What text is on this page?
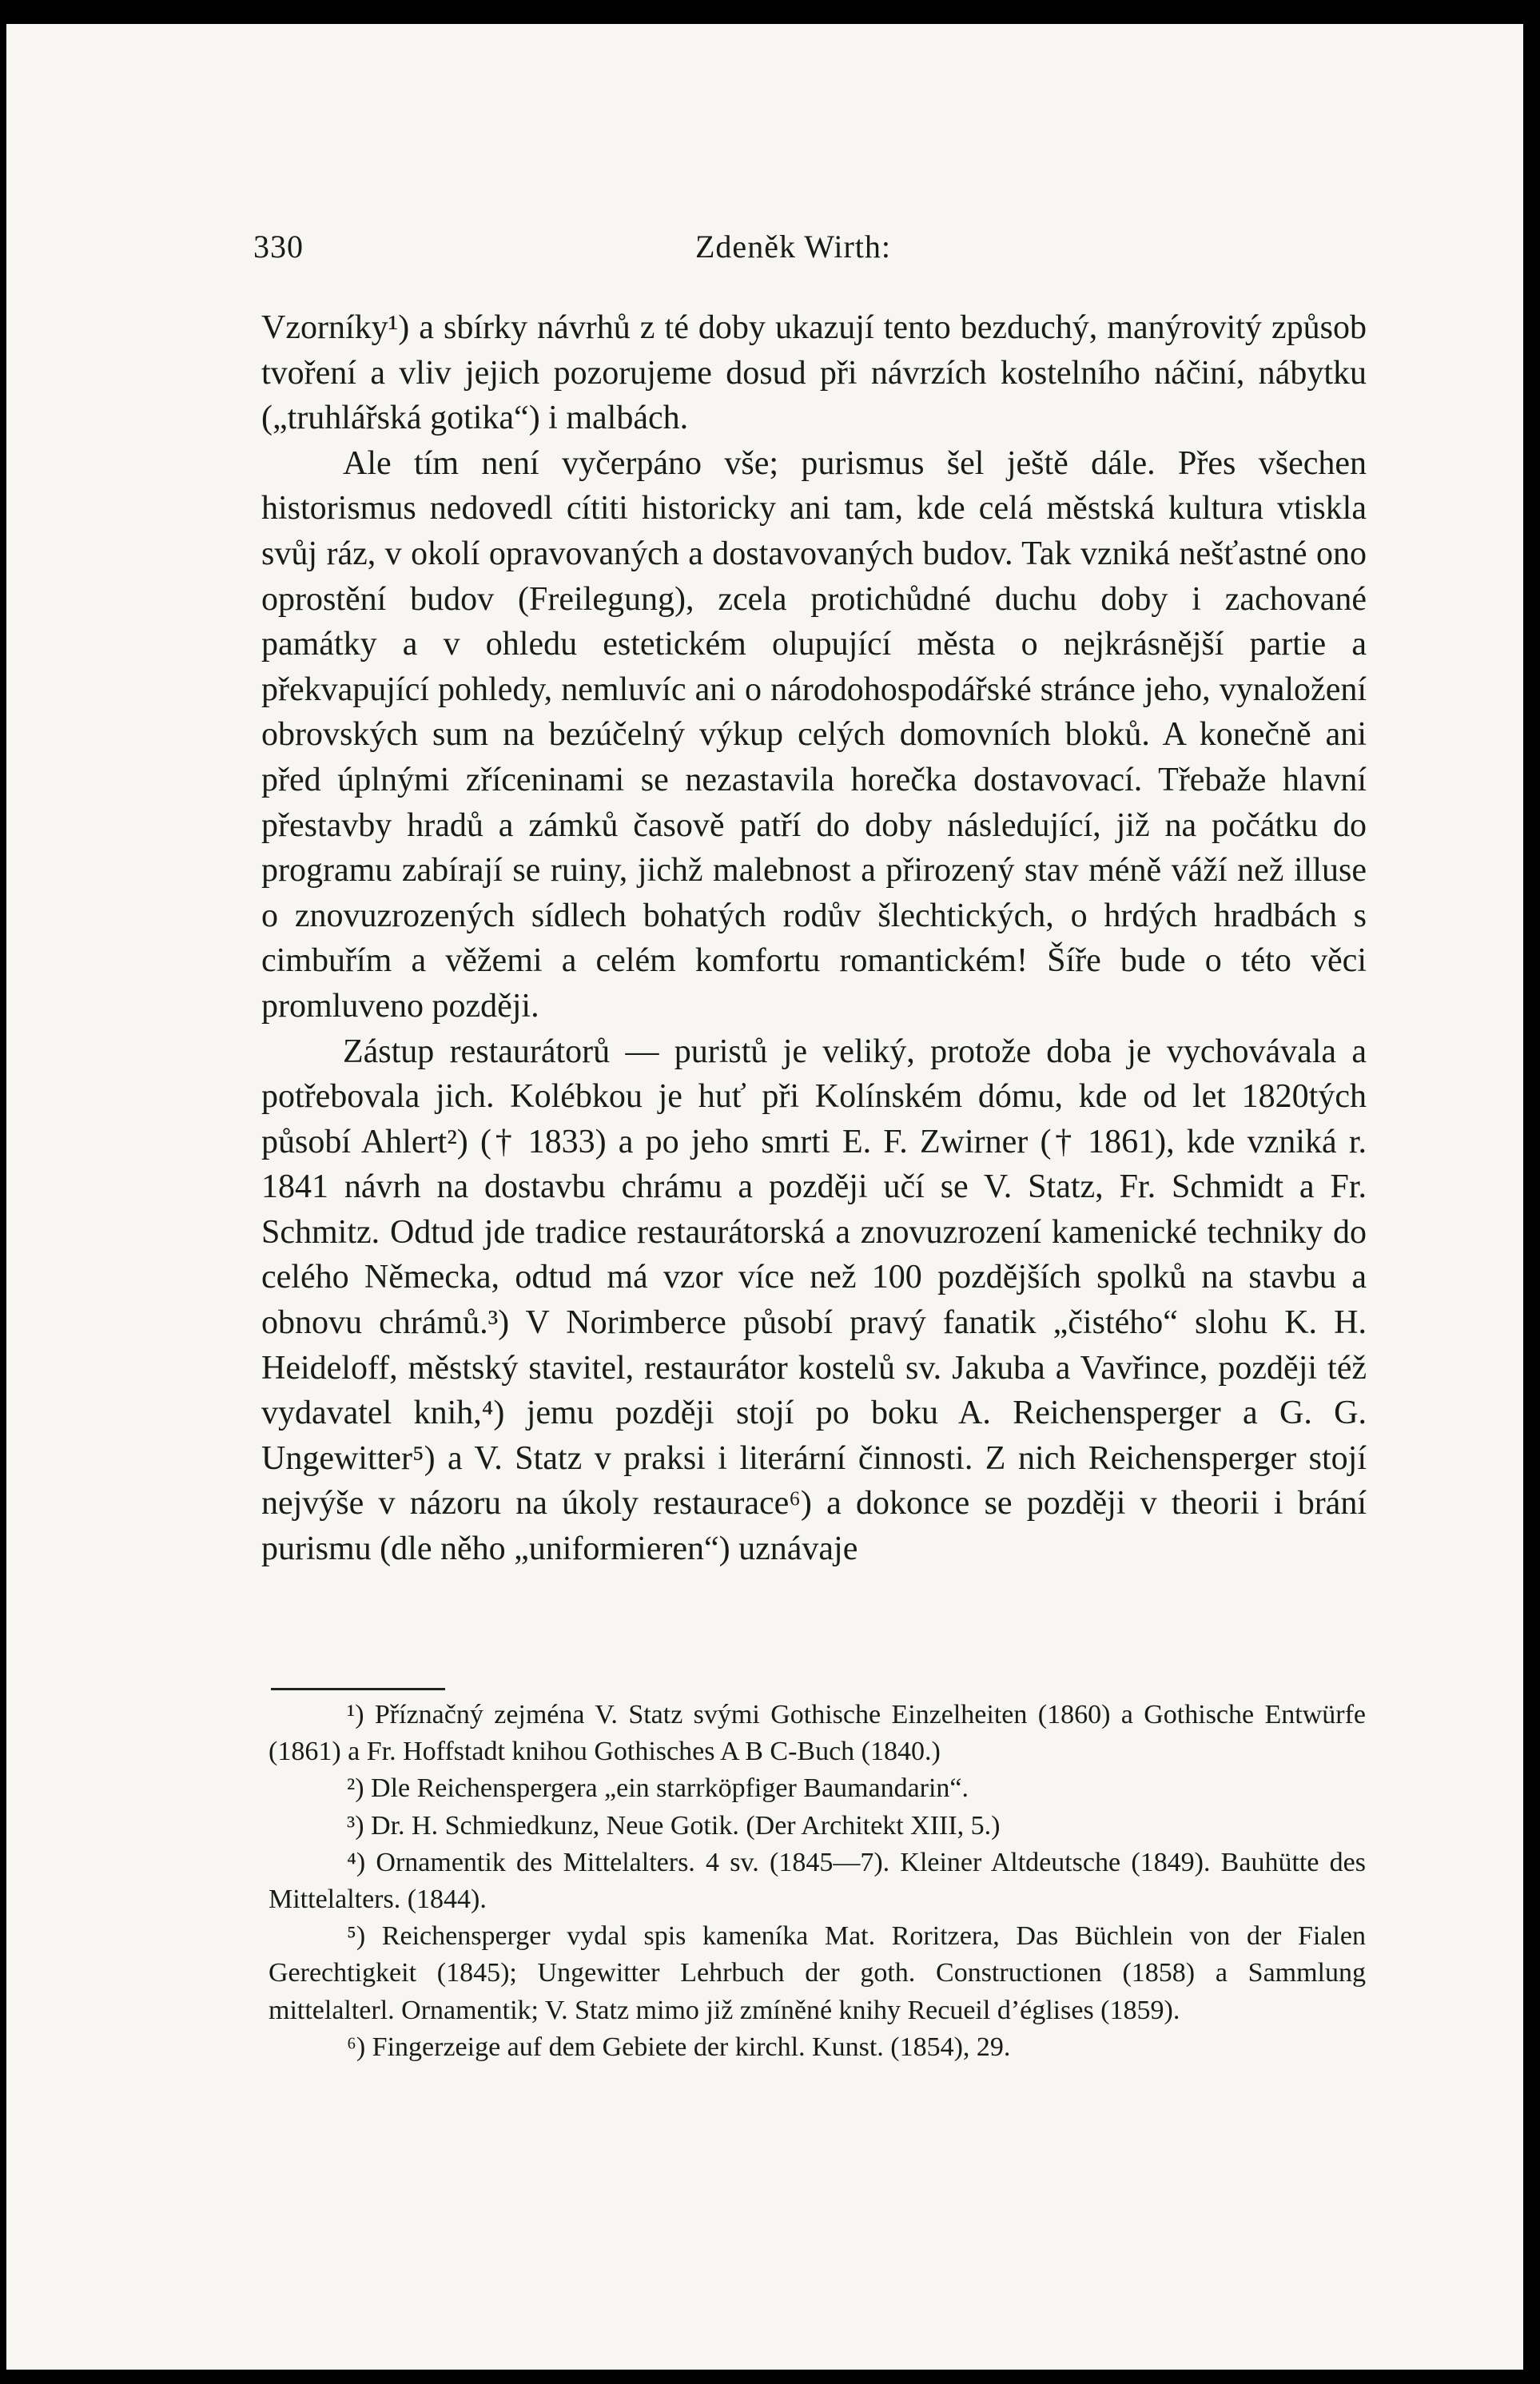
330	Zdeněk Wirth:

Vzorníky¹) a sbírky návrhů z té doby ukazují tento bezduchý, manýrovitý způsob tvoření a vliv jejich pozorujeme dosud při návrzích kostelního náčiní, nábytku („truhlářská gotika“) i malbách.

Ale tím není vyčerpáno vše; purismus šel ještě dále. Přes všechen historismus nedovedl cítiti historicky ani tam, kde celá městská kultura vtiskla svůj ráz, v okolí opravovaných a dostavovaných budov. Tak vzniká nešťastné ono oprostění budov (Freilegung), zcela protichůdné duchu doby i zachované památky a v ohledu estetickém olupující města o nejkrásnější partie a překvapující pohledy, nemluvíc ani o národohospodářské stránce jeho, vynaložení obrovských sum na bezúčelný výkup celých domovních bloků. A konečně ani před úplnými zříceninami se nezastavila horečka dostavovací. Třebaže hlavní přestavby hradů a zámků časově patří do doby následující, již na počátku do programu zabírají se ruiny, jichž malebnost a přirozený stav méně váží než illuse o znovuzrozených sídlech bohatých rodův šlechtických, o hrdých hradbách s cimbuřím a věžemi a celém komfortu romantickém! Šíře bude o této věci promluveno později.

Zástup restaurátorů — puristů je veliký, protože doba je vychovávala a potřebovala jich. Kolébkou je huť při Kolínském dómu, kde od let 1820tých působí Ahlert²) († 1833) a po jeho smrti E. F. Zwirner († 1861), kde vzniká r. 1841 návrh na dostavbu chrámu a později učí se V. Statz, Fr. Schmidt a Fr. Schmitz. Odtud jde tradice restaurátorská a znovuzrození kamenické techniky do celého Německa, odtud má vzor více než 100 pozdějších spolků na stavbu a obnovu chrámů.³) V Norimberce působí pravý fanatik „čistého“ slohu K. H. Heideloff, městský stavitel, restaurátor kostelů sv. Jakuba a Vavřince, později též vydavatel knih,⁴) jemu později stojí po boku A. Reichensperger a G. G. Ungewitter⁵) a V. Statz v praksi i literární činnosti. Z nich Reichensperger stojí nejvýše v názoru na úkoly restaurace⁶) a dokonce se později v theorii i brání purismu (dle něho „uniformieren“) uznávaje

¹) Příznačný zejména V. Statz svými Gothische Einzelheiten (1860) a Gothische Entwürfe (1861) a Fr. Hoffstadt knihou Gothisches A B C-Buch (1840.)

²) Dle Reichenspergera „ein starrköpfiger Baumandarin“.

³) Dr. H. Schmiedkunz, Neue Gotik. (Der Architekt XIII, 5.)

⁴) Ornamentik des Mittelalters. 4 sv. (1845—7). Kleiner Altdeutsche (1849). Bauhütte des Mittelalters. (1844).

⁵) Reichensperger vydal spis kameníka Mat. Roritzera, Das Büchlein von der Fialen Gerechtigkeit (1845); Ungewitter Lehrbuch der goth. Constructionen (1858) a Sammlung mittelalterl. Ornamentik; V. Statz mimo již zmíněné knihy Recueil d’églises (1859).

⁶) Fingerzeige auf dem Gebiete der kirchl. Kunst. (1854), 29.
